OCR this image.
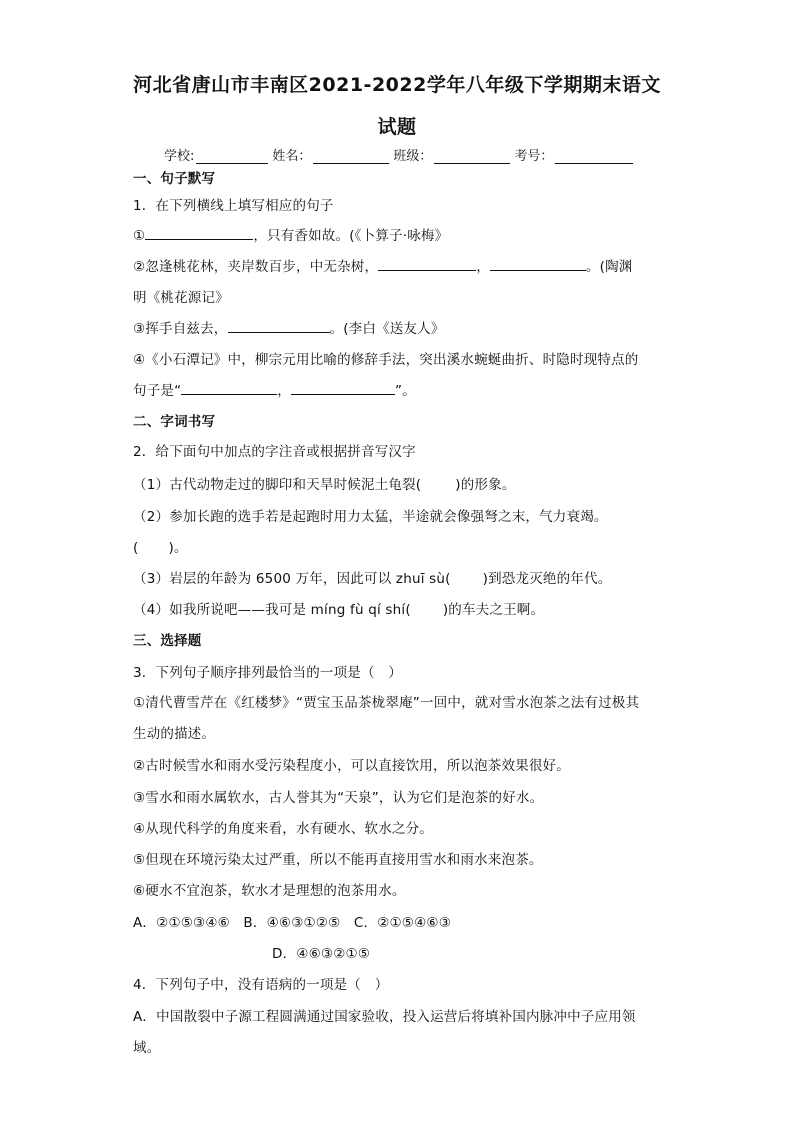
河北省唐山市丰南区2021-2022学年八年级下学期期末语文
试题
学校:	姓名：	班级：	考号：

一、句子默写

1．在下列横线上填写相应的句子

①	，只有香如故。(《卜算子·咏梅》

②忽逢桃花林，夹岸数百步，中无杂树，	，	。(陶渊

明《桃花源记》

③挥手自兹去，	。(李白《送友人》

④《小石潭记》中，柳宗元用比喻的修辞手法，突出溪水蜿蜒曲折、时隐时现特点的

句子是“	，	”。

二、字词书写

2．给下面句中加点的字注音或根据拼音写汉字

（1）古代动物走过的脚印和天旱时候泥土龟裂(	)的形象。

（2）参加长跑的选手若是起跑时用力太猛，半途就会像强弩之末，气力衰竭。

( )。

（3）岩层的年龄为 6500 万年，因此可以 zhuī sù( )到恐龙灭绝的年代。

（4）如我所说吧——我可是 míng fù qí shí( )的车夫之王啊。

三、选择题

3．下列句子顺序排列最恰当的一项是（　）

①清代曹雪芹在《红楼梦》“贾宝玉品茶栊翠庵”一回中，就对雪水泡茶之法有过极其

生动的描述。

②古时候雪水和雨水受污染程度小，可以直接饮用，所以泡茶效果很好。

③雪水和雨水属软水，古人誉其为“天泉”，认为它们是泡茶的好水。

④从现代科学的角度来看，水有硬水、软水之分。

⑤但现在环境污染太过严重，所以不能再直接用雪水和雨水来泡茶。

⑥硬水不宜泡茶，软水才是理想的泡茶用水。

A．②①⑤③④⑥   B．④⑥③①②⑤   C．②①⑤④⑥③

D．④⑥③②①⑤

4．下列句子中，没有语病的一项是（　）

A．中国散裂中子源工程圆满通过国家验收，投入运营后将填补国内脉冲中子应用领

域。
